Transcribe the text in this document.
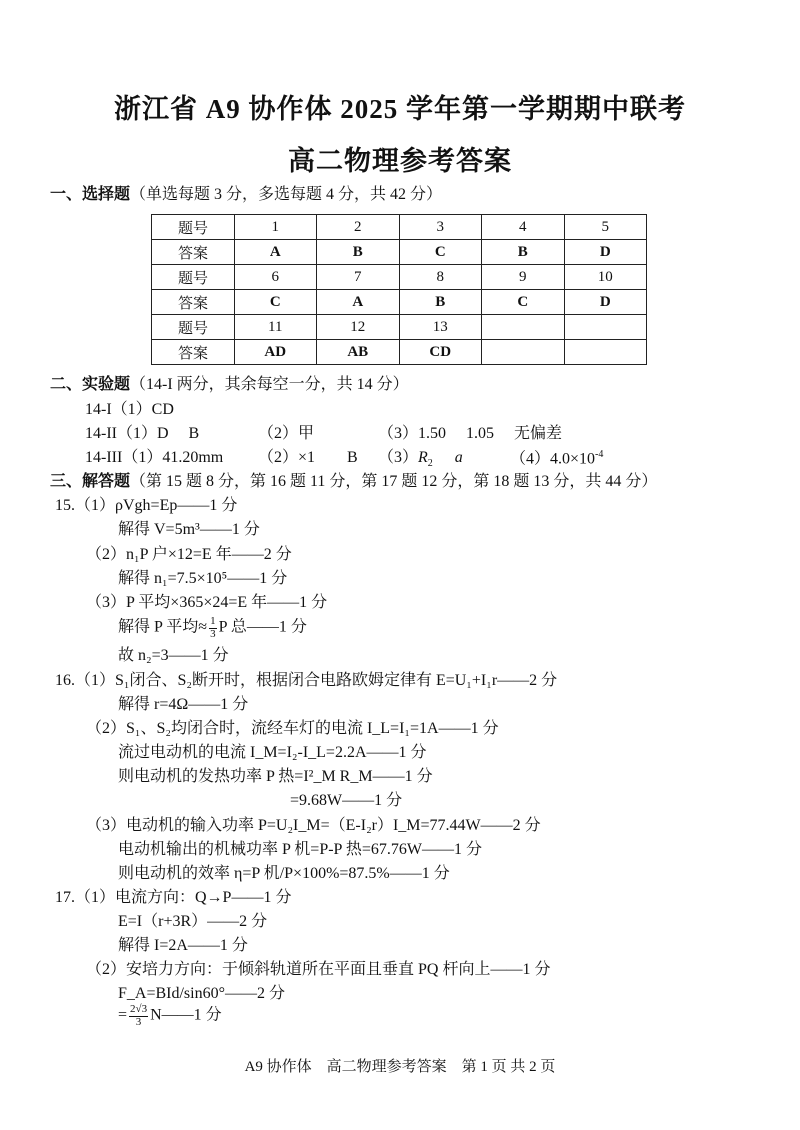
浙江省 A9 协作体 2025 学年第一学期期中联考
高二物理参考答案
一、选择题（单选每题 3 分，多选每题 4 分，共 42 分）
题号	1	2	3	4	5
答案	A	B	C	B	D
题号	6	7	8	9	10
答案	C	A	B	C	D
题号	11	12	13		
答案	AD	AB	CD		
二、实验题（14-I 两分，其余每空一分，共 14 分）
14-I（1）CD
14-II（1）D　 B	（2）甲	（3）1.50　 1.05　 无偏差
14-III（1）41.20mm （2）×1　　B $(3)R_2$ a	$(4)4.0\times 10^{-4}$
三、解答题（第 15 题 8 分，第 16 题 11 分，第 17 题 12 分，第 18 题 13 分，共 44 分）
15.（1）ρVgh=Ep——1 分
解得 V=5m³——1 分
（2）n₁P 户×12=E 年——2 分
解得 n₁=7.5×10⁵——1 分
（3）P 平均×365×24=E 年——1 分
解得 P 平均≈ $\frac{1}{3}$ P 总——1 分
故 n₂=3——1 分
16.（1）S₁闭合、S₂断开时，根据闭合电路欧姆定律有 E=U₁+I₁r——2 分
解得 r=4Ω——1 分
（2）S₁、S₂均闭合时，流经车灯的电流 I_L=I₁=1A——1 分
流过电动机的电流 I_M=I₂-I_L=2.2A——1 分
则电动机的发热功率 P 热=I²_M R_M——1 分
=9.68W——1 分
（3）电动机的输入功率 P=U₂I_M=（E-I₂r）I_M=77.44W——2 分
电动机输出的机械功率 P 机=P-P 热=67.76W——1 分
则电动机的效率 η=P 机/P×100%=87.5%——1 分
17.（1）电流方向：Q→P——1 分
E=I（r+3R）——2 分
解得 I=2A——1 分
（2）安培力方向：于倾斜轨道所在平面且垂直 PQ 杆向上——1 分
F_A=BId/sin60°——2 分
= $\frac{2√3}{3}$ N——1 分
A9 协作体　高二物理参考答案　第 1 页 共 2 页
